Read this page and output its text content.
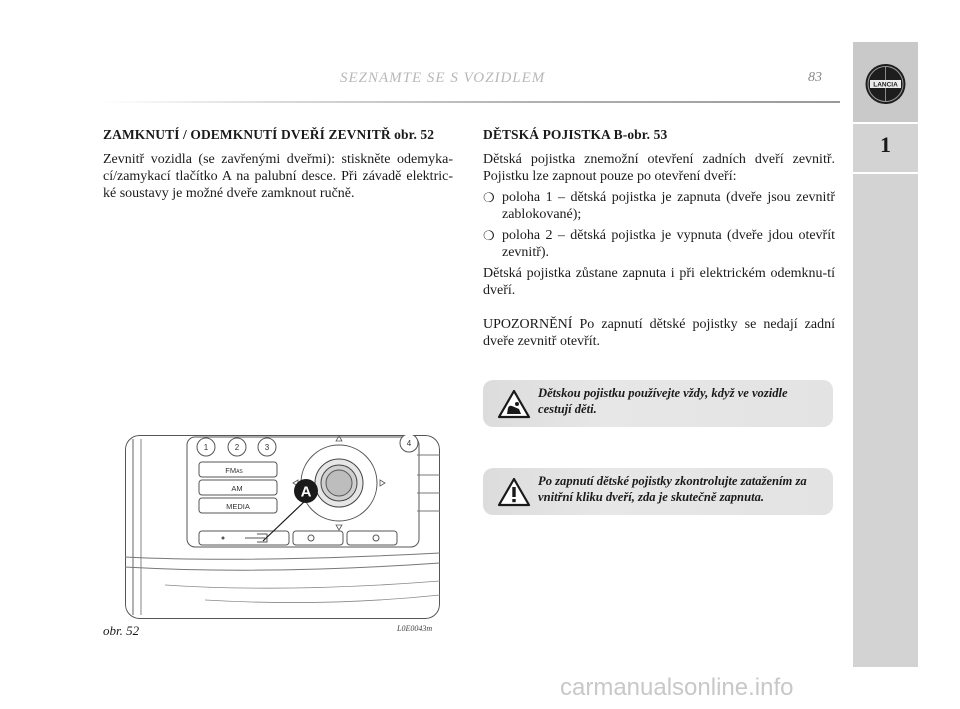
SEZNAMTE SE S VOZIDLEM	83	LANCIA
1
ZAMKNUTÍ / ODEMKNUTÍ DVEŘÍ ZEVNITŘ obr. 52

Zevnitř vozidla (se zavřenými dveřmi): stiskněte odemyka-cí/zamykací tlačítko A na palubní desce. Při závadě elektric-ké soustavy je možné dveře zamknout ručně.

DĚTSKÁ POJISTKA B-obr. 53

Dětská pojistka znemožní otevření zadních dveří zevnitř. Pojistku lze zapnout pouze po otevření dveří:

❍ poloha 1 – dětská pojistka je zapnuta (dveře jsou zevnitř zablokované);
❍ poloha 2 – dětská pojistka je vypnuta (dveře jdou otevřít zevnitř).

Dětská pojistka zůstane zapnuta i při elektrickém odemknu-tí dveří.

UPOZORNĚNÍ Po zapnutí dětské pojistky se nedají zadní dveře zevnitř otevřít.

Dětskou pojistku používejte vždy, když ve vozidle cestují děti.
Po zapnutí dětské pojistky zkontrolujte zatažením za vnitřní kliku dveří, zda je skutečně zapnuta.
1	2	3	4
FMAS
AM
MEDIA
A
obr. 52	L0E0043m
carmanualsonline.info
